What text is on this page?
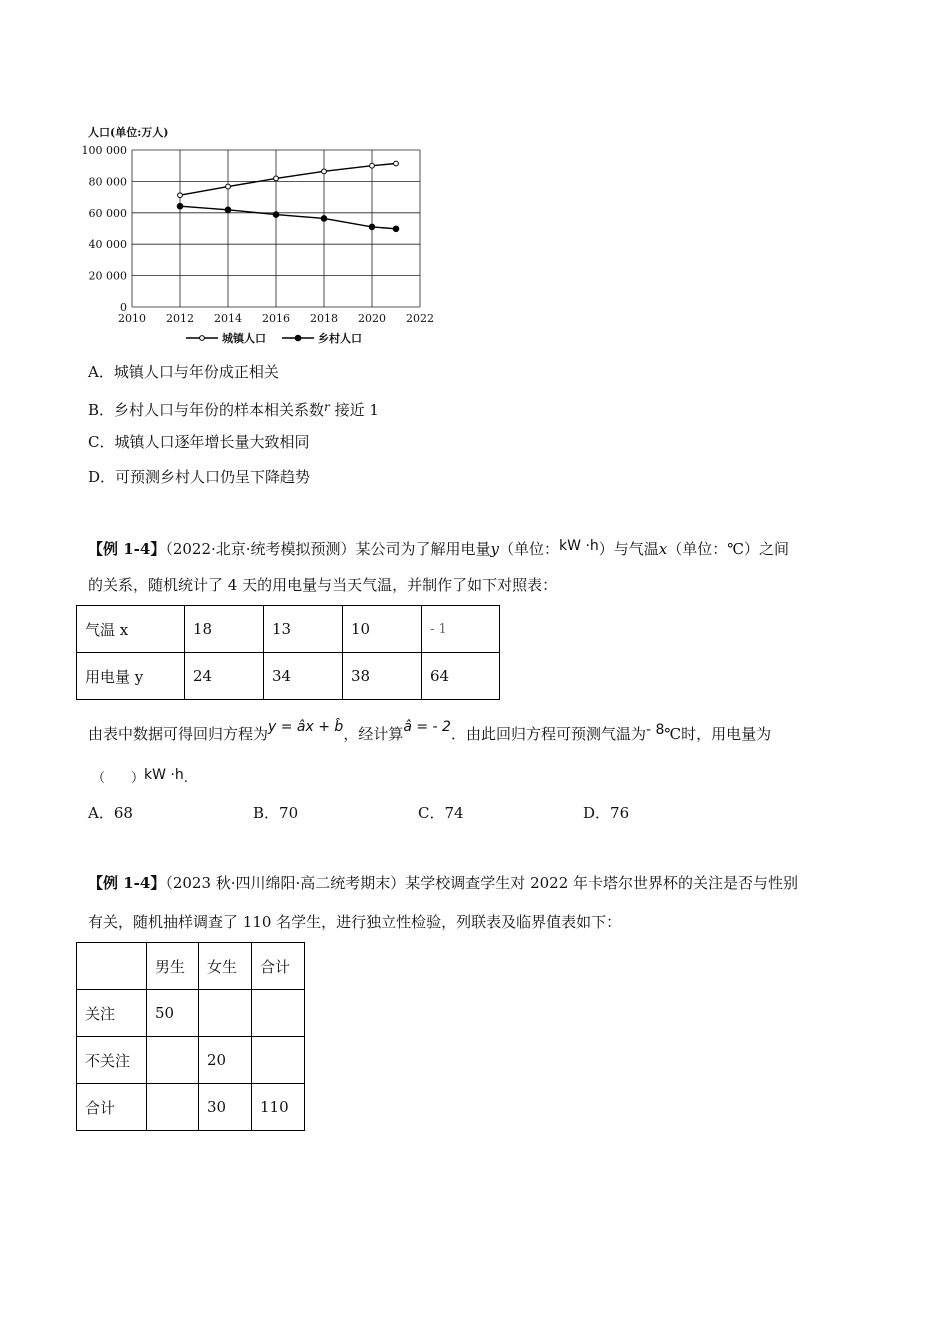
人口(单位:万人)
2010 2012 2014 2016 2018 2020 2022
0
20 000
40 000
60 000
80 000
100 000
城镇人口	乡村人口
A．城镇人口与年份成正相关
B．乡村人口与年份的样本相关系数$^r$ 接近 1
C．城镇人口逐年增长量大致相同
D．可预测乡村人口仍呈下降趋势
【例 1-4】（2022·北京·统考模拟预测）某公司为了解用电量y（单位：kW ·h）与气温x（单位：℃）之间
的关系，随机统计了 4 天的用电量与当天气温，并制作了如下对照表：
气温 x	18	13	10	- 1
用电量 y	24	34	38	64
由表中数据可得回归方程为y = âx + b̂，经计算â = - 2．由此回归方程可预测气温为- 8℃时，用电量为
（　　）kW ·h.
A．68	B．70	C．74	D．76
【例 1-4】（2023 秋·四川绵阳·高二统考期末）某学校调查学生对 2022 年卡塔尔世界杯的关注是否与性别
有关，随机抽样调查了 110 名学生，进行独立性检验，列联表及临界值表如下：
	男生	女生	合计
关注	50		
不关注		20	
合计		30	110
